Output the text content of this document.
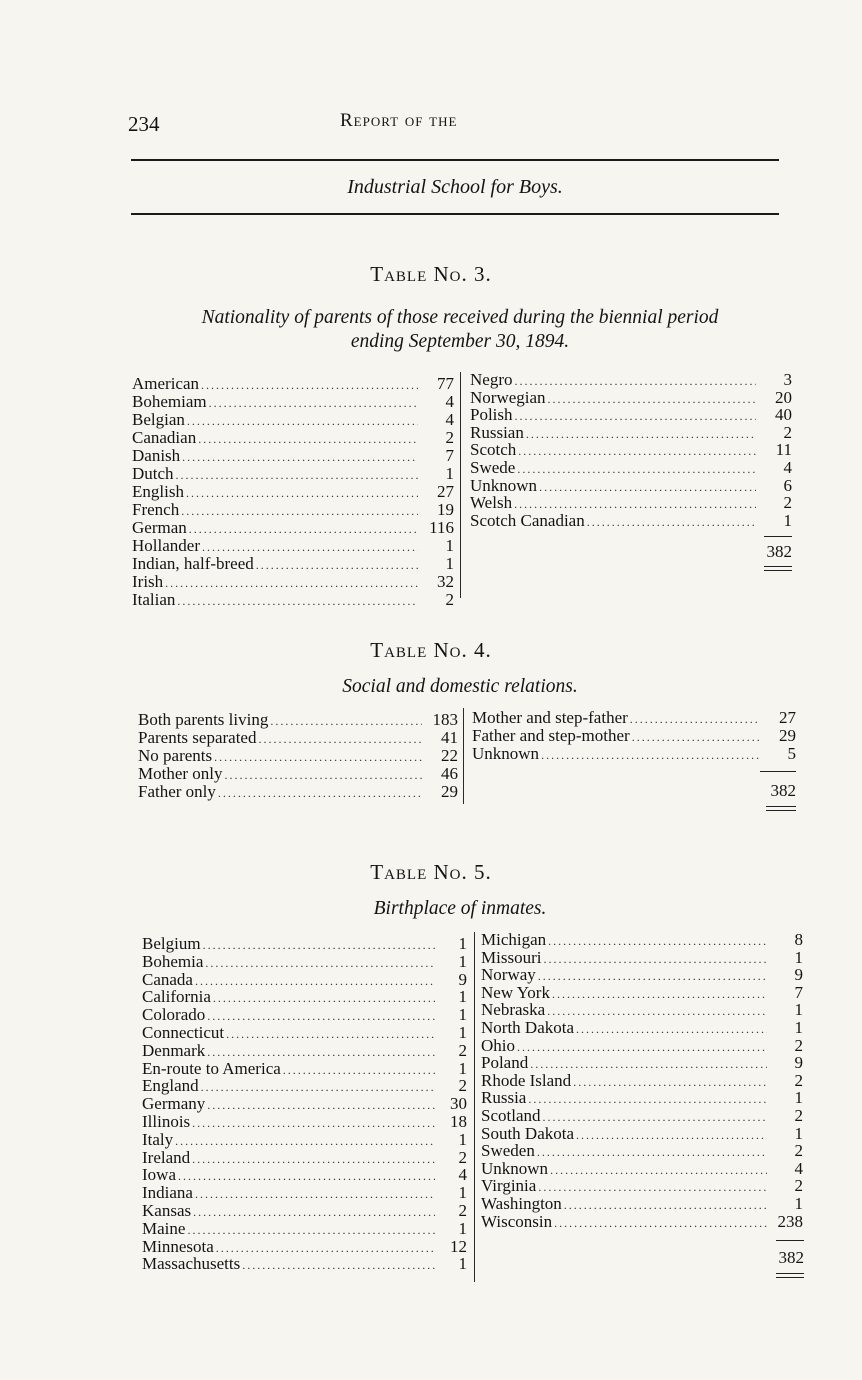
234	Report of the
Industrial School for Boys.
Table No. 3.
Nationality of parents of those received during the biennial period
ending September 30, 1894.
American .....	77
Bohemiam .....	4
Belgian .....	4
Canadian .....	2
Danish .....	7
Dutch .....	1
English .....	27
French .....	19
German .....	116
Hollander .....	1
Indian, half-breed .....	1
Irish .....	32
Italian .....	2
Negro .....	3
Norwegian .....	20
Polish .....	40
Russian .....	2
Scotch .....	11
Swede .....	4
Unknown .....	6
Welsh .....	2
Scotch Canadian .....	1
382
Table No. 4.
Social and domestic relations.
Both parents living .....	183
Parents separated .....	41
No parents .....	22
Mother only .....	46
Father only .....	29
Mother and step-father .....	27
Father and step-mother .....	29
Unknown .....	5
382
Table No. 5.
Birthplace of inmates.
Belgium .....	1
Bohemia .....	1
Canada .....	9
California .....	1
Colorado .....	1
Connecticut .....	1
Denmark .....	2
En-route to America .....	1
England .....	2
Germany .....	30
Illinois .....	18
Italy .....	1
Ireland .....	2
Iowa .....	4
Indiana .....	1
Kansas .....	2
Maine .....	1
Minnesota .....	12
Massachusetts .....	1
Michigan .....	8
Missouri .....	1
Norway .....	9
New York .....	7
Nebraska .....	1
North Dakota .....	1
Ohio .....	2
Poland .....	9
Rhode Island .....	2
Russia .....	1
Scotland .....	2
South Dakota .....	1
Sweden .....	2
Unknown .....	4
Virginia .....	2
Washington .....	1
Wisconsin .....	238
382
